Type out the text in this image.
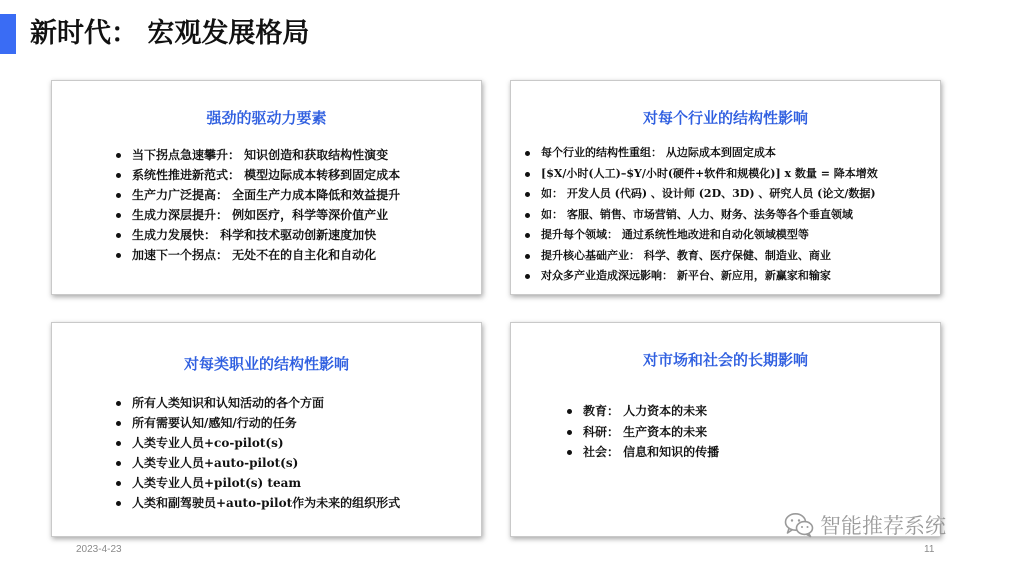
新时代： 宏观发展格局
强劲的驱动力要素
当下拐点急速攀升： 知识创造和获取结构性演变
系统性推进新范式： 模型边际成本转移到固定成本
生产力广泛提高： 全面生产力成本降低和效益提升
生成力深层提升： 例如医疗，科学等深价值产业
生成力发展快： 科学和技术驱动创新速度加快
加速下一个拐点： 无处不在的自主化和自动化
对每个行业的结构性影响
每个行业的结构性重组： 从边际成本到固定成本
[$X/小时(人工)–$Y/小时(硬件+软件和规模化)] x 数量 = 降本增效
如： 开发人员 (代码) 、设计师 (2D、3D) 、研究人员 (论文/数据)
如： 客服、销售、市场营销、人力、财务、法务等各个垂直领域
提升每个领域： 通过系统性地改进和自动化领域模型等
提升核心基础产业： 科学、教育、医疗保健、制造业、商业
对众多产业造成深远影响： 新平台、新应用，新赢家和输家
对每类职业的结构性影响
所有人类知识和认知活动的各个方面
所有需要认知/感知/行动的任务
人类专业人员+co-pilot(s)
人类专业人员+auto-pilot(s)
人类专业人员+pilot(s) team
人类和副驾驶员+auto-pilot作为未来的组织形式
对市场和社会的长期影响
教育： 人力资本的未来
科研： 生产资本的未来
社会： 信息和知识的传播
2023-4-23	11
智能推荐系统
